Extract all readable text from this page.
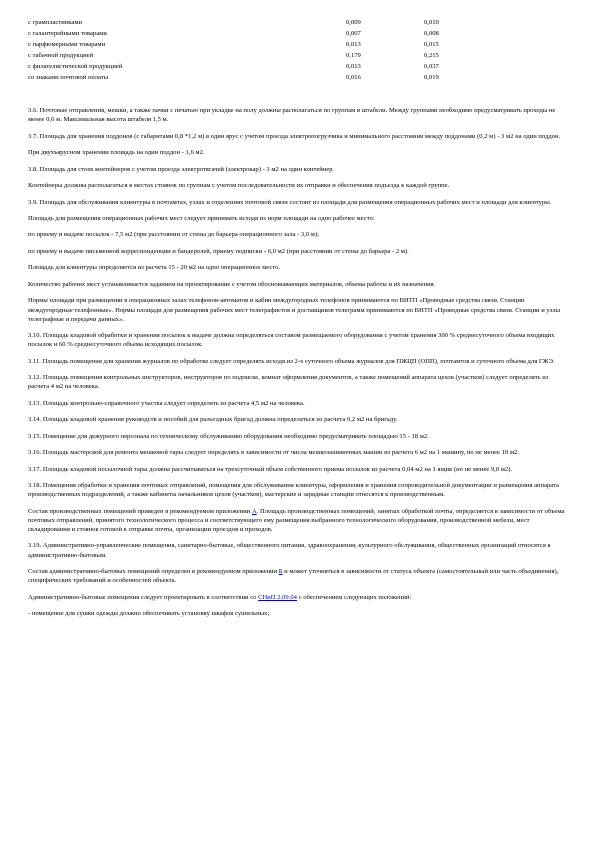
с грампластинками	0,009	0,010
с галантерейными товарами	0,007	0,008
с парфюмерными товарами	0,013	0,015
с табачной продукцией	0,179	0,215
с филателистической продукцией	0,013	0,037
со знаками почтовой оплаты	0,016	0,019

3.6. Почтовые отправления, мешки, а также пачки с печатью при укладке на полу должны располагаться по группам в штабели. Между группами необходимо предусматривать проходы не менее 0,6 м. Максимальная высота штабеля 1,5 м.

3.7. Площадь для хранения поддонов (с габаритами 0,8 *1,2 м) в один ярус с учетом проезда электропогрузчика и минимального расстояния между поддонами (0,2 м) - 3 м2 на один поддон.

При двухъярусном хранении площадь на один поддон - 1,6 м2.

3.8. Площадь для стоек контейнеров с учетом проезда электротягачей (электрокар) - 3 м2 на один контейнер.

Контейнеры должны располагаться в местах стоянок по группам с учетом последовательности их отправки и обеспечения подъезда к каждой группе.

3.9. Площадь для обслуживания клиентуры в почтамтах, узлах и отделениях почтовой связи состоит из площади для размещения операционных рабочих мест и площади для клиентуры.

Площадь для размещения операционных рабочих мест следует принимать исходя из норм площади на одно рабочее место:

по приему и выдаче посылок - 7,5 м2 (при расстоянии от стены до барьера операционного зала - 3,0 м);

по приему и выдаче письменной корреспонденции и бандеролей, приему подписки - 6,0 м2 (при расстоянии от стены до барьера - 2 м).

Площадь для клиентуры определяется из расчета 15 - 20 м2 на одно операционное место.

Количество рабочих мест устанавливается заданием на проектирование с учетом обосновывающих материалов, объема работы и их назначения.

Нормы площади при размещении в операционных залах телефонов-автоматов и кабин междугородных телефонов принимаются по ВНТП «Проводные средства связи. Станции междугородные телефонные». Нормы площади для размещения рабочих мест телеграфистов и доставщиков телеграмм принимаются по ВНТП «Проводные средства связи. Станции и узлы телеграфные и передачи данных».

3.10. Площадь кладовой обработки и хранения посылок к выдаче должна определяться составом размещаемого оборудования с учетом хранения 300 % среднесуточного объема входящих посылок и 60 % среднесуточного объема исходящих посылок.

3.11. Площадь помещения для хранения журналов по обработке следует определять исходя из 2-х суточного объема журналов для ПЖЦП (ОПП), почтамтов и суточного объема для ГЖЭ.

3.12. Площадь помещения контрольных инструкторов, инструкторов по подписке, комнат оформления документов, а также помещений аппарата цехов (участков) следует определять из расчета 4 м2 на человека.

3.13. Площадь контрольно-справочного участка следует определять из расчета 4,5 м2 на человека.

3.14. Площадь кладовой хранения руководств и пособий для разъездных бригад должна определяться из расчета 0,2 м2 на бригаду.

3.15. Помещение для дежурного персонала по техническому обслуживанию оборудования необходимо предусматривать площадью 15 - 18 м2.

3.16. Площадь мастерской для ремонта мешковой тары следует определять в зависимости от числа мешкозашивочных машин из расчета 6 м2 на 1 машину, но не менее 10 м2.

3.17. Площадь кладовой посылочной тары должна рассчитываться на трехсуточный объем собственного приема посылок из расчета 0,04 м2 на 1 ящик (но не менее 9,0 м2).

3.18. Помещения обработки и хранения почтовых отправлений, помещения для обслуживания клиентуры, оформления и хранения сопроводительной документации и размещения аппарата производственных подразделений, а также кабинеты начальников цехов (участков), мастерские и зарядные станции относятся к производственным.

Состав производственных помещений приведен в рекомендуемом приложении А. Площадь производственных помещений, занятых обработкой почты, определяется в зависимости от объема почтовых отправлений, принятого технологического процесса и соответствующего ему размещения выбранного технологического оборудования, производственной мебели, мест складирования и стоянок готовой к отправке почты, организации проездов и проходов.

3.19. Административно-управленческие помещения, санитарно-бытовые, общественного питания, здравоохранения, культурного обслуживания, общественных организаций относятся к административно-бытовым.

Состав административно-бытовых помещений определен в рекомендуемом приложении Б и может уточняться в зависимости от статуса объекта (самостоятельный или часть объединения), специфических требований и особенностей объекта.

Административно-бытовые помещения следует проектировать в соответствии со СНиП 2.09.04 с обеспечением следующих положений:

- помещение для сушки одежды должно обеспечивать установку шкафов сушильных;
